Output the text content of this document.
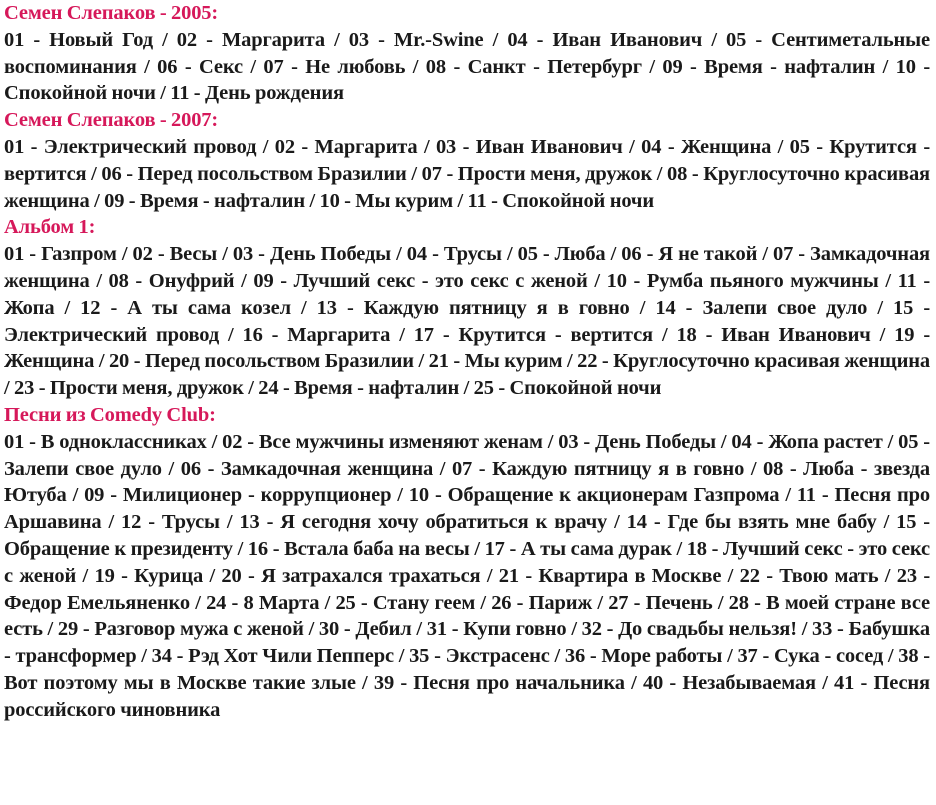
Семен Слепаков - 2005:

01 - Новый Год / 02 - Маргарита / 03 - Mr.-Swine / 04 - Иван Иванович / 05 - Сентиметальные воспоминания / 06 - Секс / 07 - Не любовь / 08 - Санкт - Петербург / 09 - Время - нафталин / 10 - Спокойной ночи / 11 - День рождения

Семен Слепаков - 2007:

01 - Электрический провод / 02 - Маргарита / 03 - Иван Иванович / 04 - Женщина / 05 - Крутится - вертится / 06 - Перед посольством Бразилии / 07 - Прости меня, дружок / 08 - Круглосуточно красивая женщина / 09 - Время - нафталин / 10 - Мы курим / 11 - Спокойной ночи

Альбом 1:

01 - Газпром / 02 - Весы / 03 - День Победы / 04 - Трусы / 05 - Люба / 06 - Я не такой / 07 - Замкадочная женщина / 08 - Онуфрий / 09 - Лучший секс - это секс с женой / 10 - Румба пьяного мужчины / 11 - Жопа / 12 - А ты сама козел / 13 - Каждую пятницу я в говно / 14 - Залепи свое дуло / 15 - Электрический провод / 16 - Маргарита / 17 - Крутится - вертится / 18 - Иван Иванович / 19 - Женщина / 20 - Перед посольством Бразилии / 21 - Мы курим / 22 - Круглосуточно красивая женщина / 23 - Прости меня, дружок / 24 - Время - нафталин / 25 - Спокойной ночи

Песни из Comedy Club:

01 - В одноклассниках / 02 - Все мужчины изменяют женам / 03 - День Победы / 04 - Жопа растет / 05 - Залепи свое дуло / 06 - Замкадочная женщина / 07 - Каждую пятницу я в говно / 08 - Люба - звезда Ютуба / 09 - Милиционер - коррупционер / 10 - Обращение к акционерам Газпрома / 11 - Песня про Аршавина / 12 - Трусы / 13 - Я сегодня хочу обратиться к врачу / 14 - Где бы взять мне бабу / 15 - Обращение к президенту / 16 - Встала баба на весы / 17 - А ты сама дурак / 18 - Лучший секс - это секс с женой / 19 - Курица / 20 - Я затрахался трахаться / 21 - Квартира в Москве / 22 - Твою мать / 23 - Федор Емельяненко / 24 - 8 Марта / 25 - Стану геем / 26 - Париж / 27 - Печень / 28 - В моей стране все есть / 29 - Разговор мужа с женой / 30 - Дебил / 31 - Купи говно / 32 - До свадьбы нельзя! / 33 - Бабушка - трансформер / 34 - Рэд Хот Чили Пепперс / 35 - Экстрасенс / 36 - Море работы / 37 - Сука - сосед / 38 - Вот поэтому мы в Москве такие злые / 39 - Песня про начальника / 40 - Незабываемая / 41 - Песня российского чиновника
